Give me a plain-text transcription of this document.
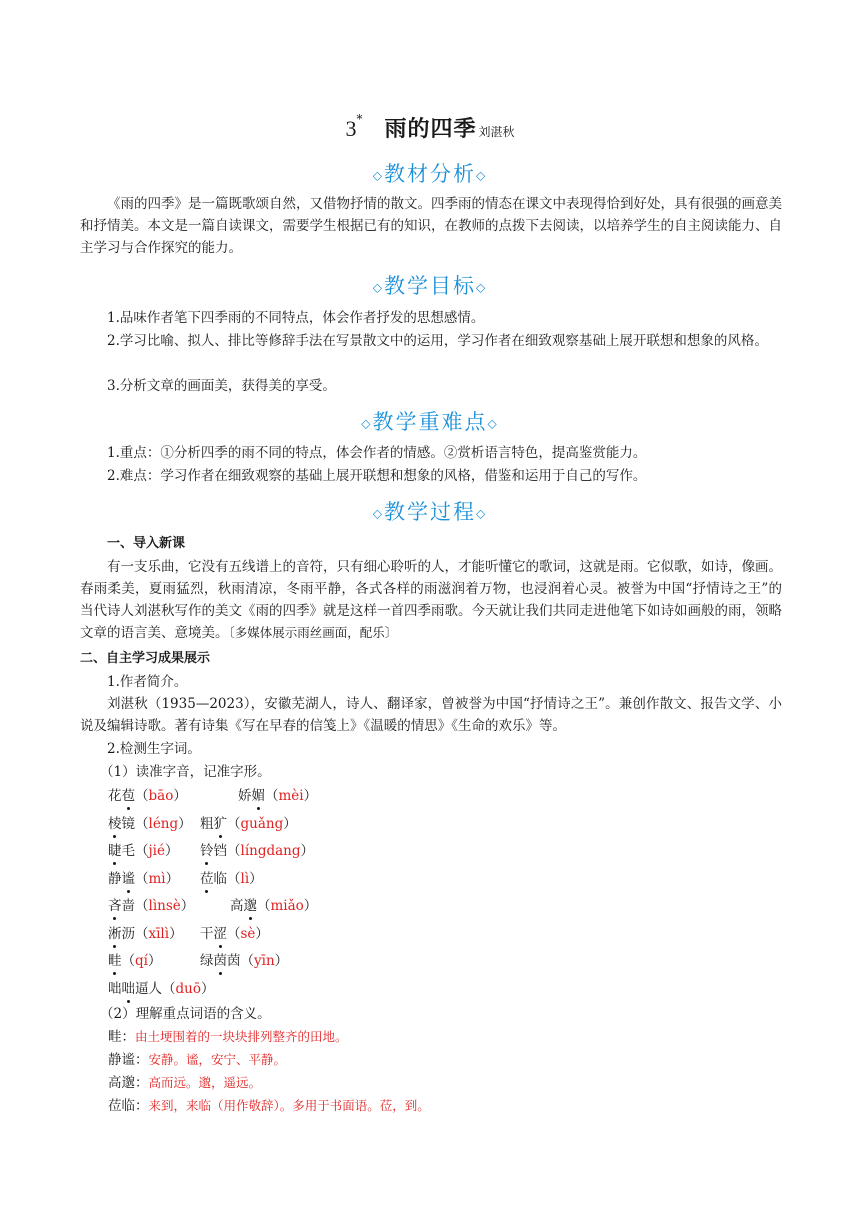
3* 雨的四季 刘湛秋
◇教材分析◇
《雨的四季》是一篇既歌颂自然，又借物抒情的散文。四季雨的情态在课文中表现得恰到好处，具有很强的画意美和抒情美。本文是一篇自读课文，需要学生根据已有的知识，在教师的点拨下去阅读，以培养学生的自主阅读能力、自主学习与合作探究的能力。
◇教学目标◇
1.品味作者笔下四季雨的不同特点，体会作者抒发的思想感情。
2.学习比喻、拟人、排比等修辞手法在写景散文中的运用，学习作者在细致观察基础上展开联想和想象的风格。
3.分析文章的画面美，获得美的享受。
◇教学重难点◇
1.重点：①分析四季的雨不同的特点，体会作者的情感。②赏析语言特色，提高鉴赏能力。
2.难点：学习作者在细致观察的基础上展开联想和想象的风格，借鉴和运用于自己的写作。
◇教学过程◇
一、导入新课
有一支乐曲，它没有五线谱上的音符，只有细心聆听的人，才能听懂它的歌词，这就是雨。它似歌，如诗，像画。春雨柔美，夏雨猛烈，秋雨清凉，冬雨平静，各式各样的雨滋润着万物，也浸润着心灵。被誉为中国“抒情诗之王”的当代诗人刘湛秋写作的美文《雨的四季》就是这样一首四季雨歌。今天就让我们共同走进他笔下如诗如画般的雨，领略文章的语言美、意境美。〔多媒体展示雨丝画面，配乐〕
二、自主学习成果展示
1.作者简介。
刘湛秋（1935—2023），安徽芜湖人，诗人、翻译家，曾被誉为中国“抒情诗之王”。兼创作散文、报告文学、小说及编辑诗歌。著有诗集《写在早春的信笺上》《温暖的情思》《生命的欢乐》等。
2.检测生字词。
（1）读准字音，记准字形。
花苞（bāo）	娇媚（mèi）
棱镜（léng） 粗犷（guǎng）
睫毛（jié） 铃铛（língdang）
静谧（mì） 莅临（lì）
吝啬（lìnsè）	高邈（miǎo）
淅沥（xīlì） 干涩（sè）
畦（qí）	绿茵茵（yīn）
咄咄逼人（duō）
（2）理解重点词语的含义。
畦：由土埂围着的一块块排列整齐的田地。
静谧：安静。谧，安宁、平静。
高邈：高而远。邈，遥远。
莅临：来到，来临（用作敬辞）。多用于书面语。莅，到。
